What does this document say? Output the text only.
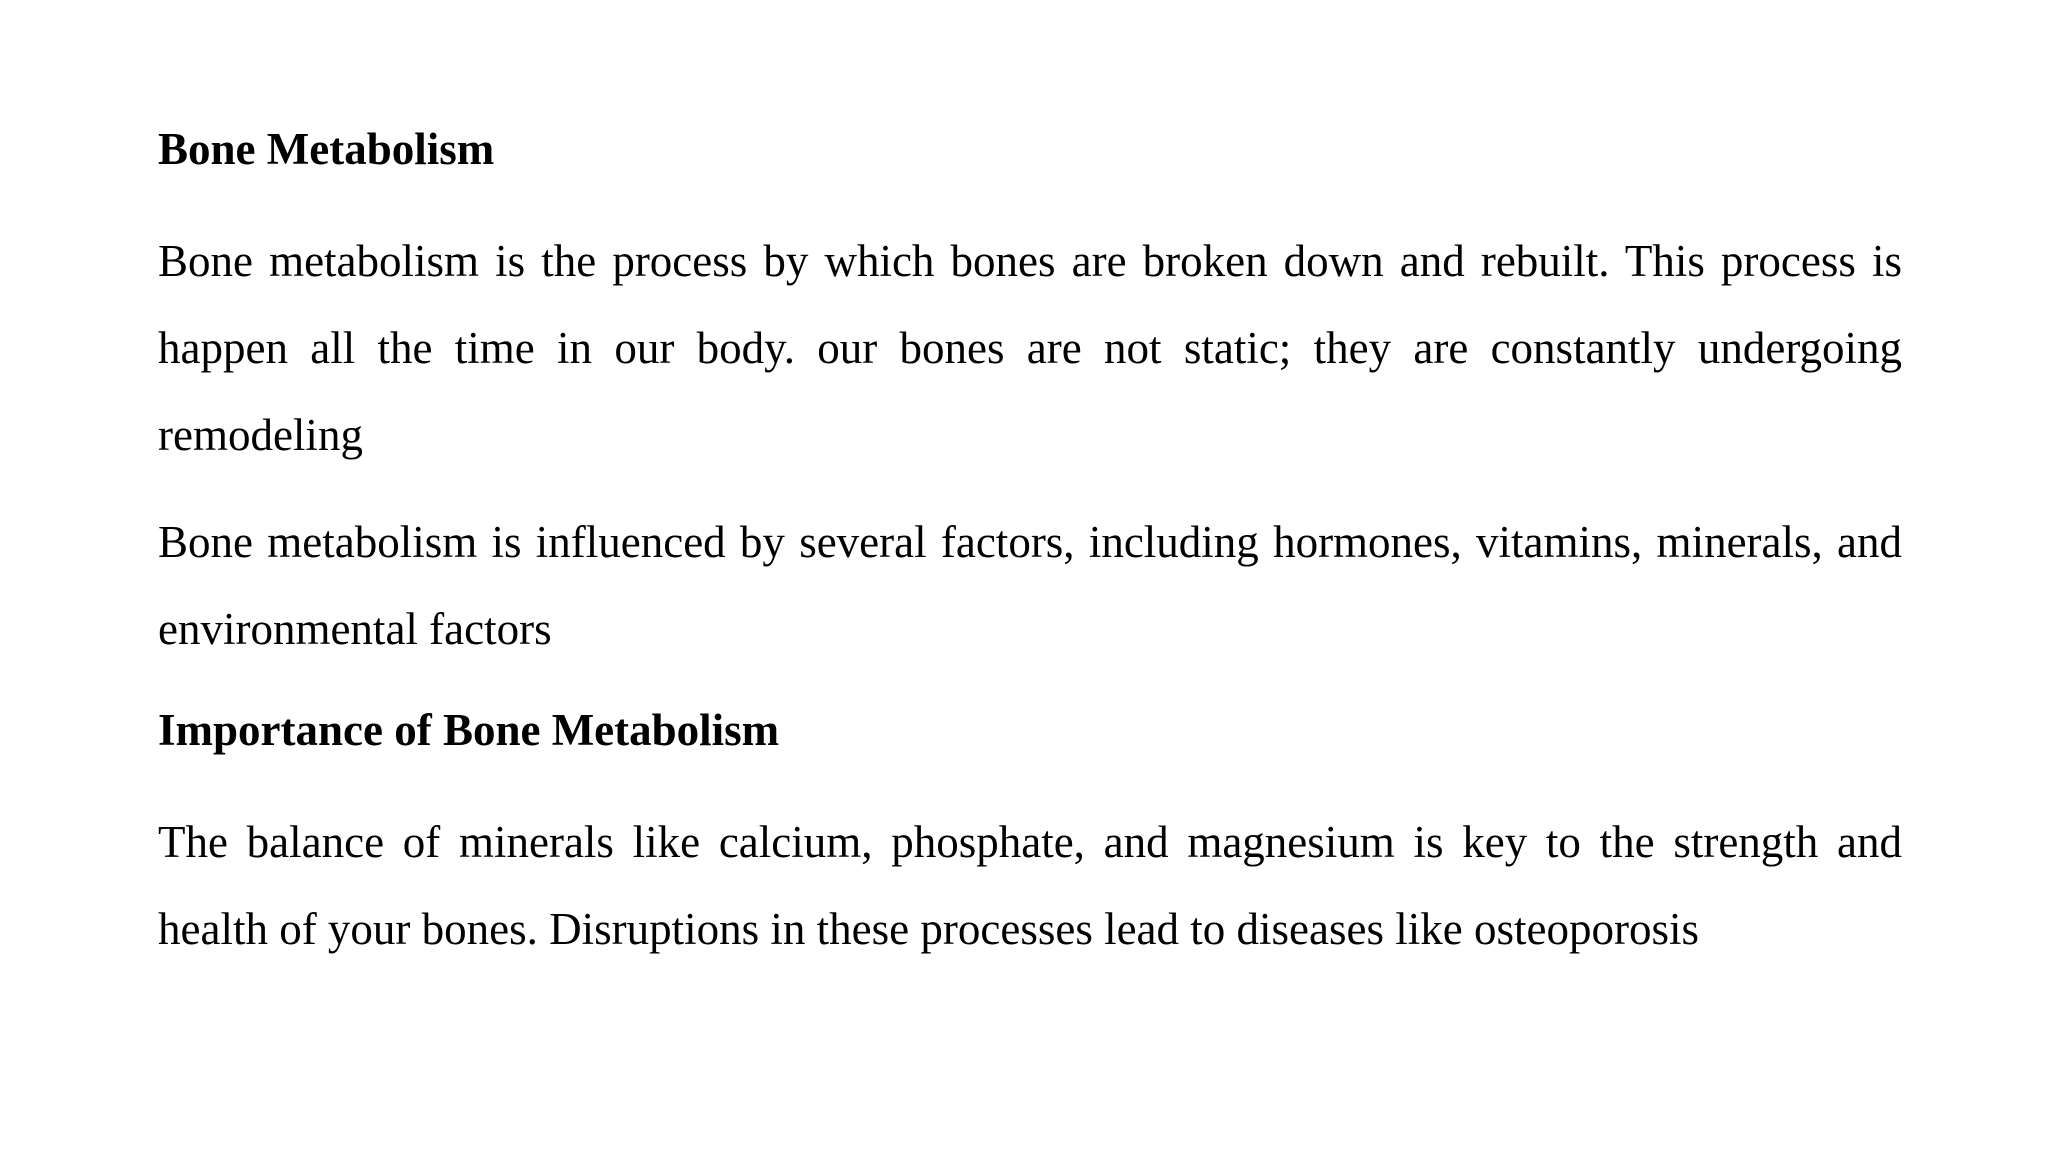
Bone Metabolism

Bone metabolism is the process by which bones are broken down and rebuilt. This process is happen all the time in our body. our bones are not static; they are constantly undergoing remodeling

Bone metabolism is influenced by several factors, including hormones, vitamins, minerals, and environmental factors

Importance of Bone Metabolism

The balance of minerals like calcium, phosphate, and magnesium is key to the strength and health of your bones. Disruptions in these processes lead to diseases like osteoporosis
